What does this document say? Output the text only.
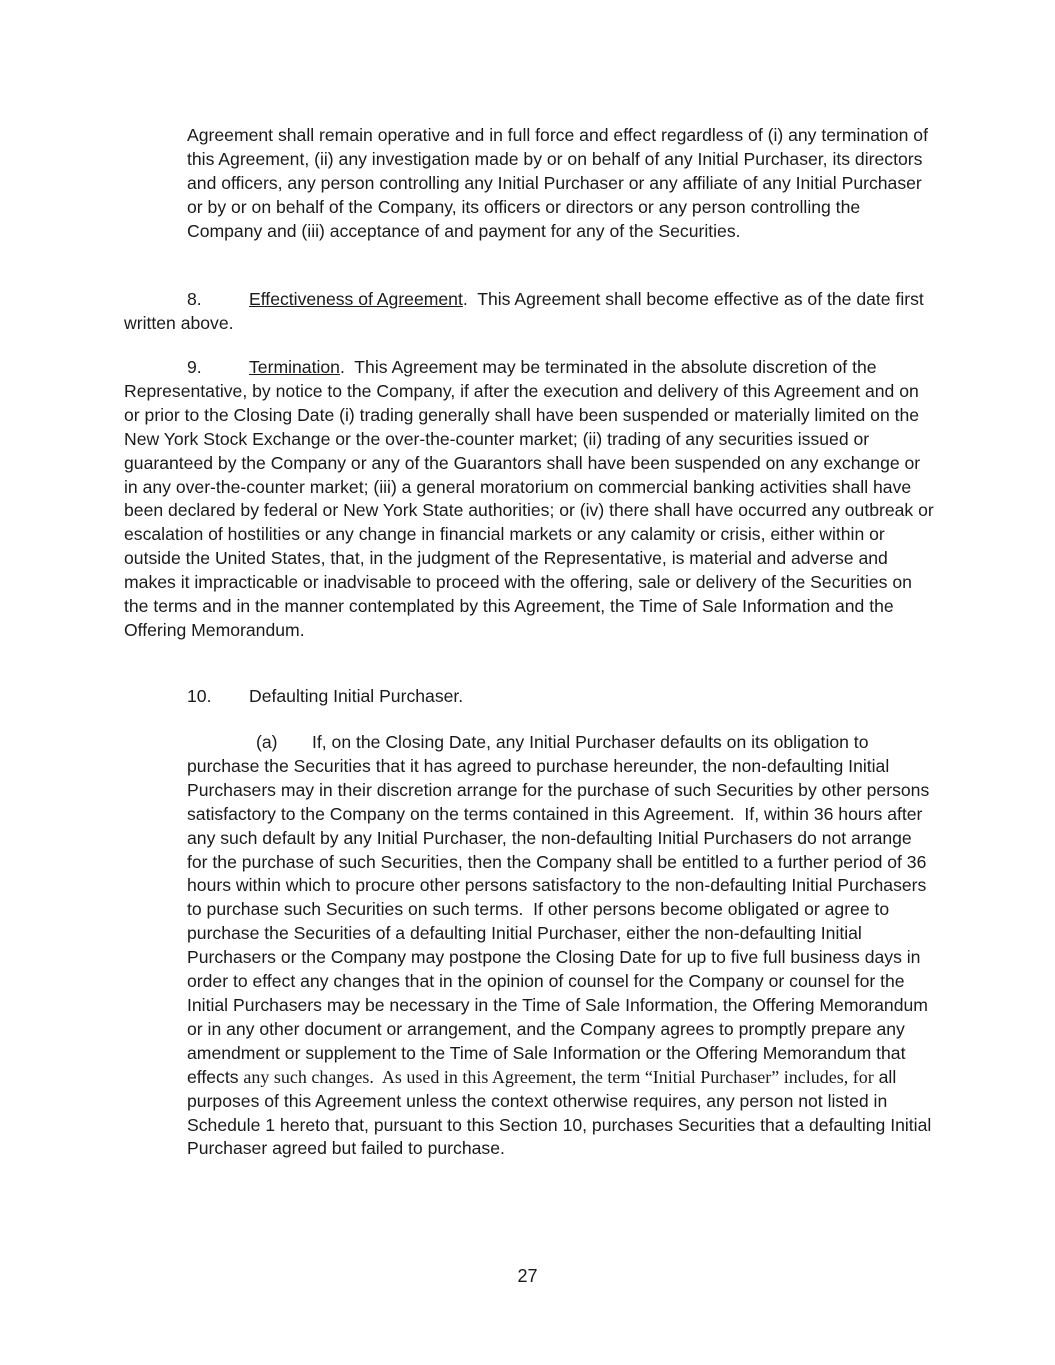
Agreement shall remain operative and in full force and effect regardless of (i) any termination of this Agreement, (ii) any investigation made by or on behalf of any Initial Purchaser, its directors and officers, any person controlling any Initial Purchaser or any affiliate of any Initial Purchaser or by or on behalf of the Company, its officers or directors or any person controlling the Company and (iii) acceptance of and payment for any of the Securities.

8.	Effectiveness of Agreement.  This Agreement shall become effective as of the date first written above.

9.	Termination.  This Agreement may be terminated in the absolute discretion of the Representative, by notice to the Company, if after the execution and delivery of this Agreement and on or prior to the Closing Date (i) trading generally shall have been suspended or materially limited on the New York Stock Exchange or the over-the-counter market; (ii) trading of any securities issued or guaranteed by the Company or any of the Guarantors shall have been suspended on any exchange or in any over-the-counter market; (iii) a general moratorium on commercial banking activities shall have been declared by federal or New York State authorities; or (iv) there shall have occurred any outbreak or escalation of hostilities or any change in financial markets or any calamity or crisis, either within or outside the United States, that, in the judgment of the Representative, is material and adverse and makes it impracticable or inadvisable to proceed with the offering, sale or delivery of the Securities on the terms and in the manner contemplated by this Agreement, the Time of Sale Information and the Offering Memorandum.

10. Defaulting Initial Purchaser.

(a) If, on the Closing Date, any Initial Purchaser defaults on its obligation to purchase the Securities that it has agreed to purchase hereunder, the non-defaulting Initial Purchasers may in their discretion arrange for the purchase of such Securities by other persons satisfactory to the Company on the terms contained in this Agreement.  If, within 36 hours after any such default by any Initial Purchaser, the non-defaulting Initial Purchasers do not arrange for the purchase of such Securities, then the Company shall be entitled to a further period of 36 hours within which to procure other persons satisfactory to the non-defaulting Initial Purchasers to purchase such Securities on such terms.  If other persons become obligated or agree to purchase the Securities of a defaulting Initial Purchaser, either the non-defaulting Initial Purchasers or the Company may postpone the Closing Date for up to five full business days in order to effect any changes that in the opinion of counsel for the Company or counsel for the Initial Purchasers may be necessary in the Time of Sale Information, the Offering Memorandum or in any other document or arrangement, and the Company agrees to promptly prepare any amendment or supplement to the Time of Sale Information or the Offering Memorandum that effects any such changes.  As used in this Agreement, the term “Initial Purchaser” includes, for all purposes of this Agreement unless the context otherwise requires, any person not listed in Schedule 1 hereto that, pursuant to this Section 10, purchases Securities that a defaulting Initial Purchaser agreed but failed to purchase.

27
